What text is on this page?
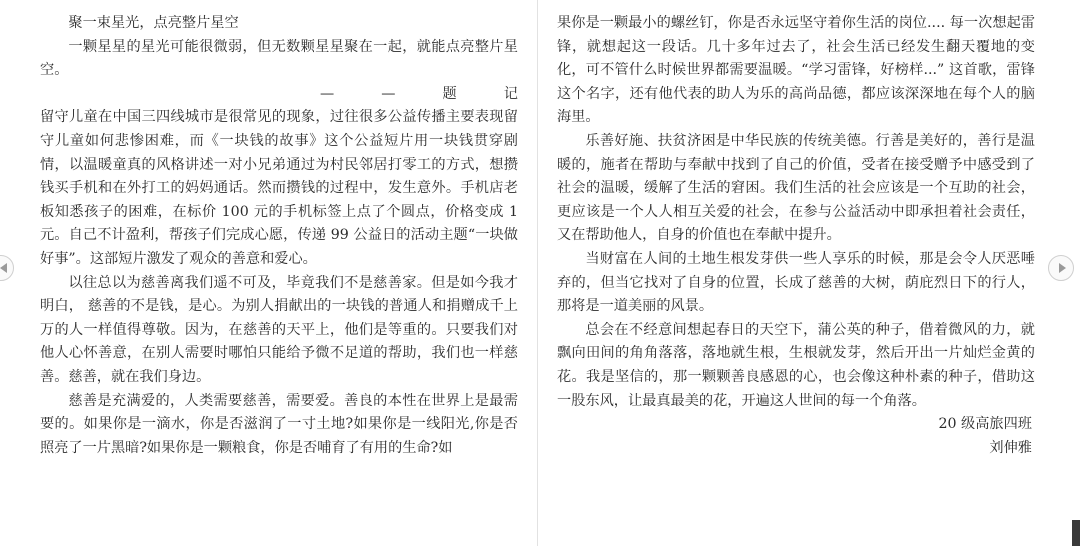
聚一束星光，点亮整片星空

一颗星星的星光可能很微弱，但无数颗星星聚在一起，就能点亮整片星空。

—	—	题	记

留守儿童在中国三四线城市是很常见的现象，过往很多公益传播主要表现留守儿童如何悲惨困难，而《一块钱的故事》这个公益短片用一块钱贯穿剧情，以温暖童真的风格讲述一对小兄弟通过为村民邻居打零工的方式，想攒钱买手机和在外打工的妈妈通话。然而攒钱的过程中，发生意外。手机店老板知悉孩子的困难，在标价 100 元的手机标签上点了个圆点，价格变成 1 元。自己不计盈利，帮孩子们完成心愿，传递 99 公益日的活动主题“一块做好事”。这部短片激发了观众的善意和爱心。

以往总以为慈善离我们遥不可及，毕竟我们不是慈善家。但是如今我才明白， 慈善的不是钱，是心。为别人捐献出的一块钱的普通人和捐赠成千上万的人一样值得尊敬。因为，在慈善的天平上，他们是等重的。只要我们对他人心怀善意，在别人需要时哪怕只能给予微不足道的帮助，我们也一样慈善。慈善，就在我们身边。

慈善是充满爱的，人类需要慈善，需要爱。善良的本性在世界上是最需要的。如果你是一滴水，你是否滋润了一寸土地?如果你是一线阳光,你是否照亮了一片黑暗?如果你是一颗粮食，你是否哺育了有用的生命?如

果你是一颗最小的螺丝钉，你是否永远坚守着你生活的岗位.... 每一次想起雷锋，就想起这一段话。几十多年过去了，社会生活已经发生翻天覆地的变化，可不管什么时候世界都需要温暖。“学习雷锋，好榜样...” 这首歌，雷锋这个名字，还有他代表的助人为乐的高尚品德，都应该深深地在每个人的脑海里。

乐善好施、扶贫济困是中华民族的传统美德。行善是美好的，善行是温暖的，施者在帮助与奉献中找到了自己的价值，受者在接受赠予中感受到了社会的温暖，缓解了生活的窘困。我们生活的社会应该是一个互助的社会，更应该是一个人人相互关爱的社会，在参与公益活动中即承担着社会责任，又在帮助他人，自身的价值也在奉献中提升。

当财富在人间的土地生根发芽供一些人享乐的时候，那是会令人厌恶唾弃的，但当它找对了自身的位置，长成了慈善的大树，荫庇烈日下的行人，那将是一道美丽的风景。

总会在不经意间想起春日的天空下，蒲公英的种子，借着微风的力，就飘向田间的角角落落，落地就生根，生根就发芽，然后开出一片灿烂金黄的花。我是坚信的，那一颗颗善良感恩的心，也会像这种朴素的种子，借助这一股东风，让最真最美的花，开遍这人世间的每一个角落。

20 级高旅四班

刘伸雅
